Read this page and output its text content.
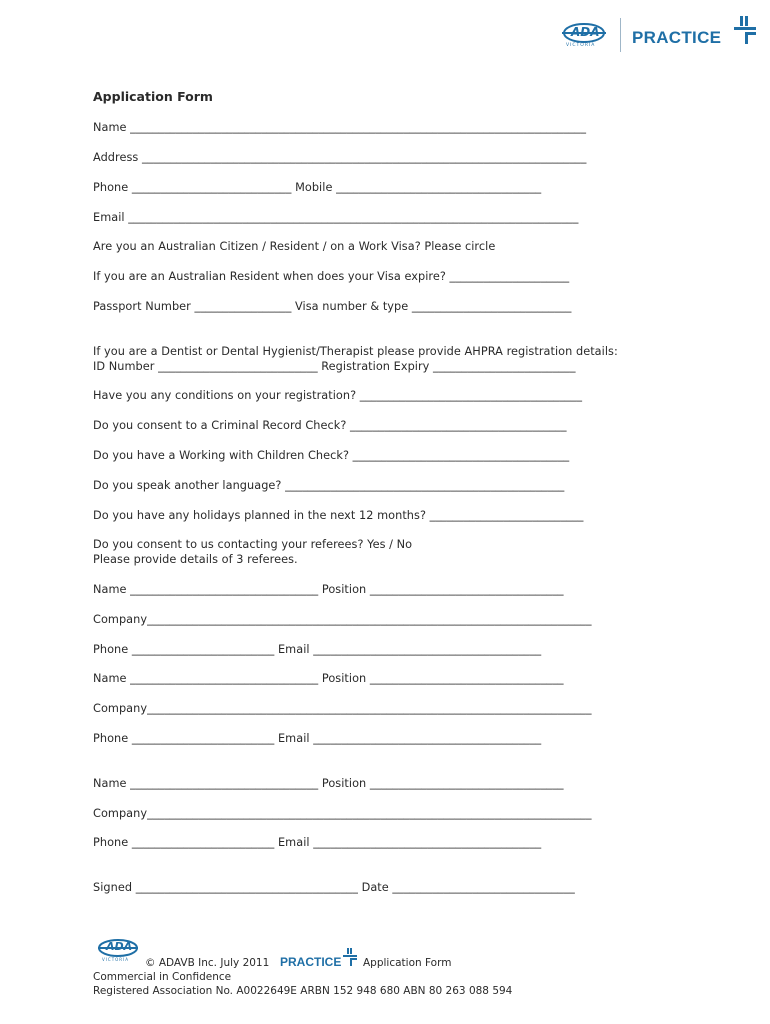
ADA
VICTORIA PRACTICE
Application Form
Name ________________________________________________________________________________
Address ______________________________________________________________________________
Phone ____________________________ Mobile ____________________________________
Email _______________________________________________________________________________
Are you an Australian Citizen / Resident / on a Work Visa? Please circle
If you are an Australian Resident when does your Visa expire? _____________________
Passport Number _________________ Visa number & type ____________________________
If you are a Dentist or Dental Hygienist/Therapist please provide AHPRA registration details:
ID Number ____________________________ Registration Expiry _________________________
Have you any conditions on your registration? _______________________________________
Do you consent to a Criminal Record Check? ______________________________________
Do you have a Working with Children Check? ______________________________________
Do you speak another language? _________________________________________________
Do you have any holidays planned in the next 12 months? ___________________________
Do you consent to us contacting your referees? Yes / No
Please provide details of 3 referees.
Name _________________________________ Position __________________________________
Company______________________________________________________________________________
Phone _________________________ Email ________________________________________
Name _________________________________ Position __________________________________
Company______________________________________________________________________________
Phone _________________________ Email ________________________________________
Name _________________________________ Position __________________________________
Company______________________________________________________________________________
Phone _________________________ Email ________________________________________
Signed _______________________________________ Date ________________________________
ADA
VICTORIA © ADAVB Inc. July 2011 PRACTICE Application Form
Commercial in Confidence
Registered Association No. A0022649E ARBN 152 948 680 ABN 80 263 088 594
